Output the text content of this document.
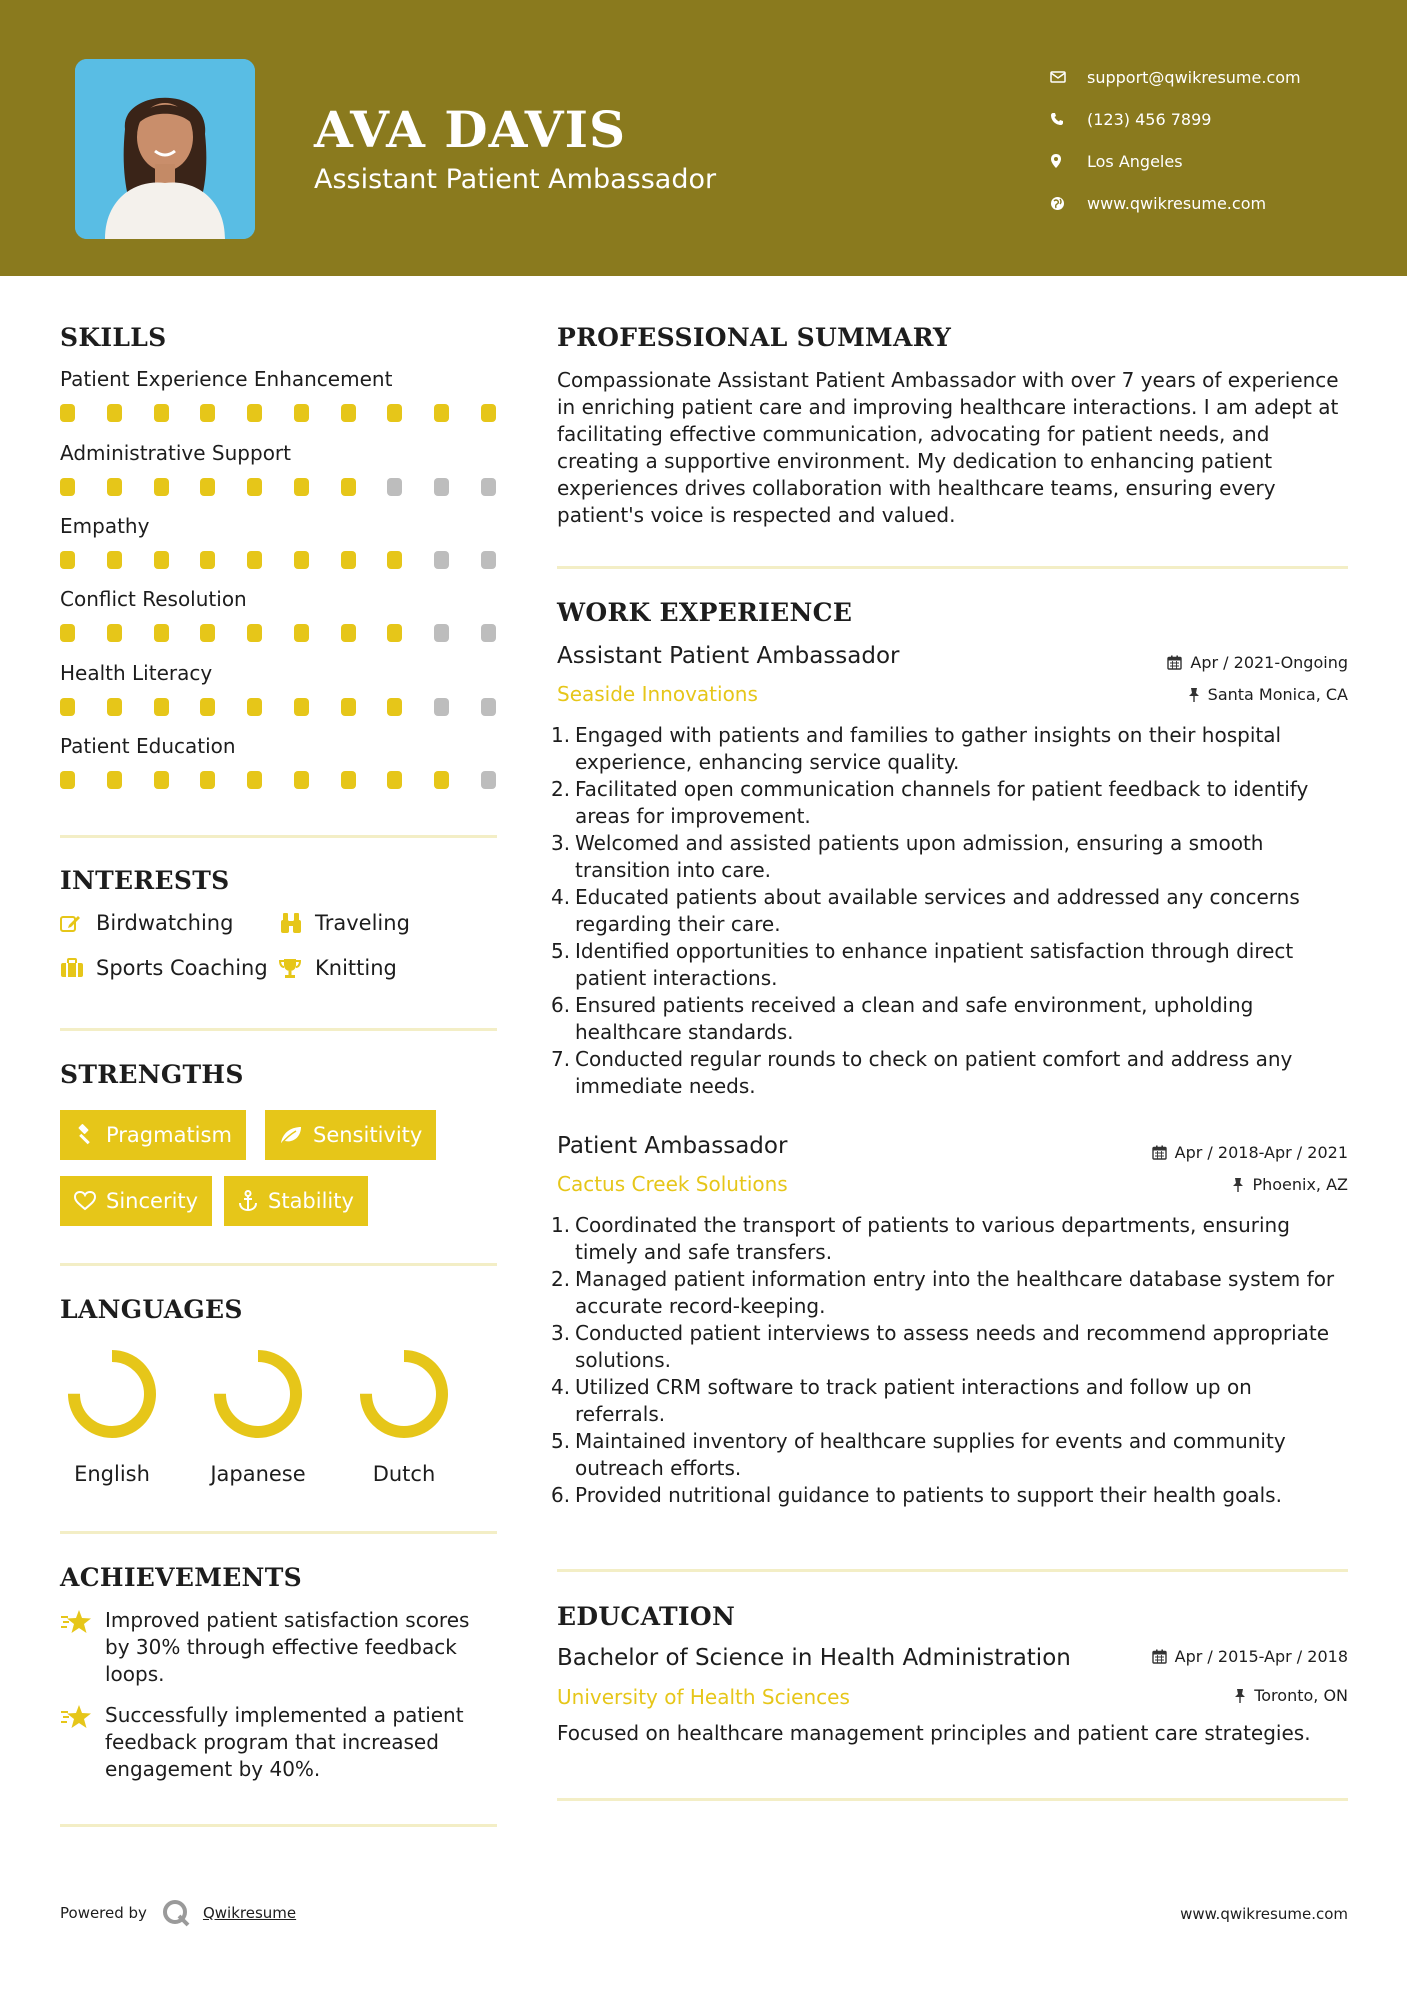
AVA DAVIS
Assistant Patient Ambassador
support@qwikresume.com
(123) 456 7899
Los Angeles
www.qwikresume.com
SKILLS
Patient Experience Enhancement
Administrative Support
Empathy
Conflict Resolution
Health Literacy
Patient Education
INTERESTS
Birdwatching	Traveling
Sports Coaching Knitting
STRENGTHS
Pragmatism	Sensitivity
Sincerity	Stability
LANGUAGES
English	Japanese	Dutch
ACHIEVEMENTS
Improved patient satisfaction scores by 30% through effective feedback loops.
Successfully implemented a patient feedback program that increased engagement by 40%.
PROFESSIONAL SUMMARY
Compassionate Assistant Patient Ambassador with over 7 years of experience in enriching patient care and improving healthcare interactions. I am adept at facilitating effective communication, advocating for patient needs, and creating a supportive environment. My dedication to enhancing patient experiences drives collaboration with healthcare teams, ensuring every patient's voice is respected and valued.
WORK EXPERIENCE
Assistant Patient Ambassador	Apr / 2021-Ongoing
Seaside Innovations	Santa Monica, CA
1. Engaged with patients and families to gather insights on their hospital experience, enhancing service quality.
2. Facilitated open communication channels for patient feedback to identify areas for improvement.
3. Welcomed and assisted patients upon admission, ensuring a smooth transition into care.
4. Educated patients about available services and addressed any concerns regarding their care.
5. Identified opportunities to enhance inpatient satisfaction through direct patient interactions.
6. Ensured patients received a clean and safe environment, upholding healthcare standards.
7. Conducted regular rounds to check on patient comfort and address any immediate needs.
Patient Ambassador	Apr / 2018-Apr / 2021
Cactus Creek Solutions	Phoenix, AZ
1. Coordinated the transport of patients to various departments, ensuring timely and safe transfers.
2. Managed patient information entry into the healthcare database system for accurate record-keeping.
3. Conducted patient interviews to assess needs and recommend appropriate solutions.
4. Utilized CRM software to track patient interactions and follow up on referrals.
5. Maintained inventory of healthcare supplies for events and community outreach efforts.
6. Provided nutritional guidance to patients to support their health goals.
EDUCATION
Bachelor of Science in Health Administration	Apr / 2015-Apr / 2018
University of Health Sciences	Toronto, ON
Focused on healthcare management principles and patient care strategies.
Powered by	Qwikresume	www.qwikresume.com
